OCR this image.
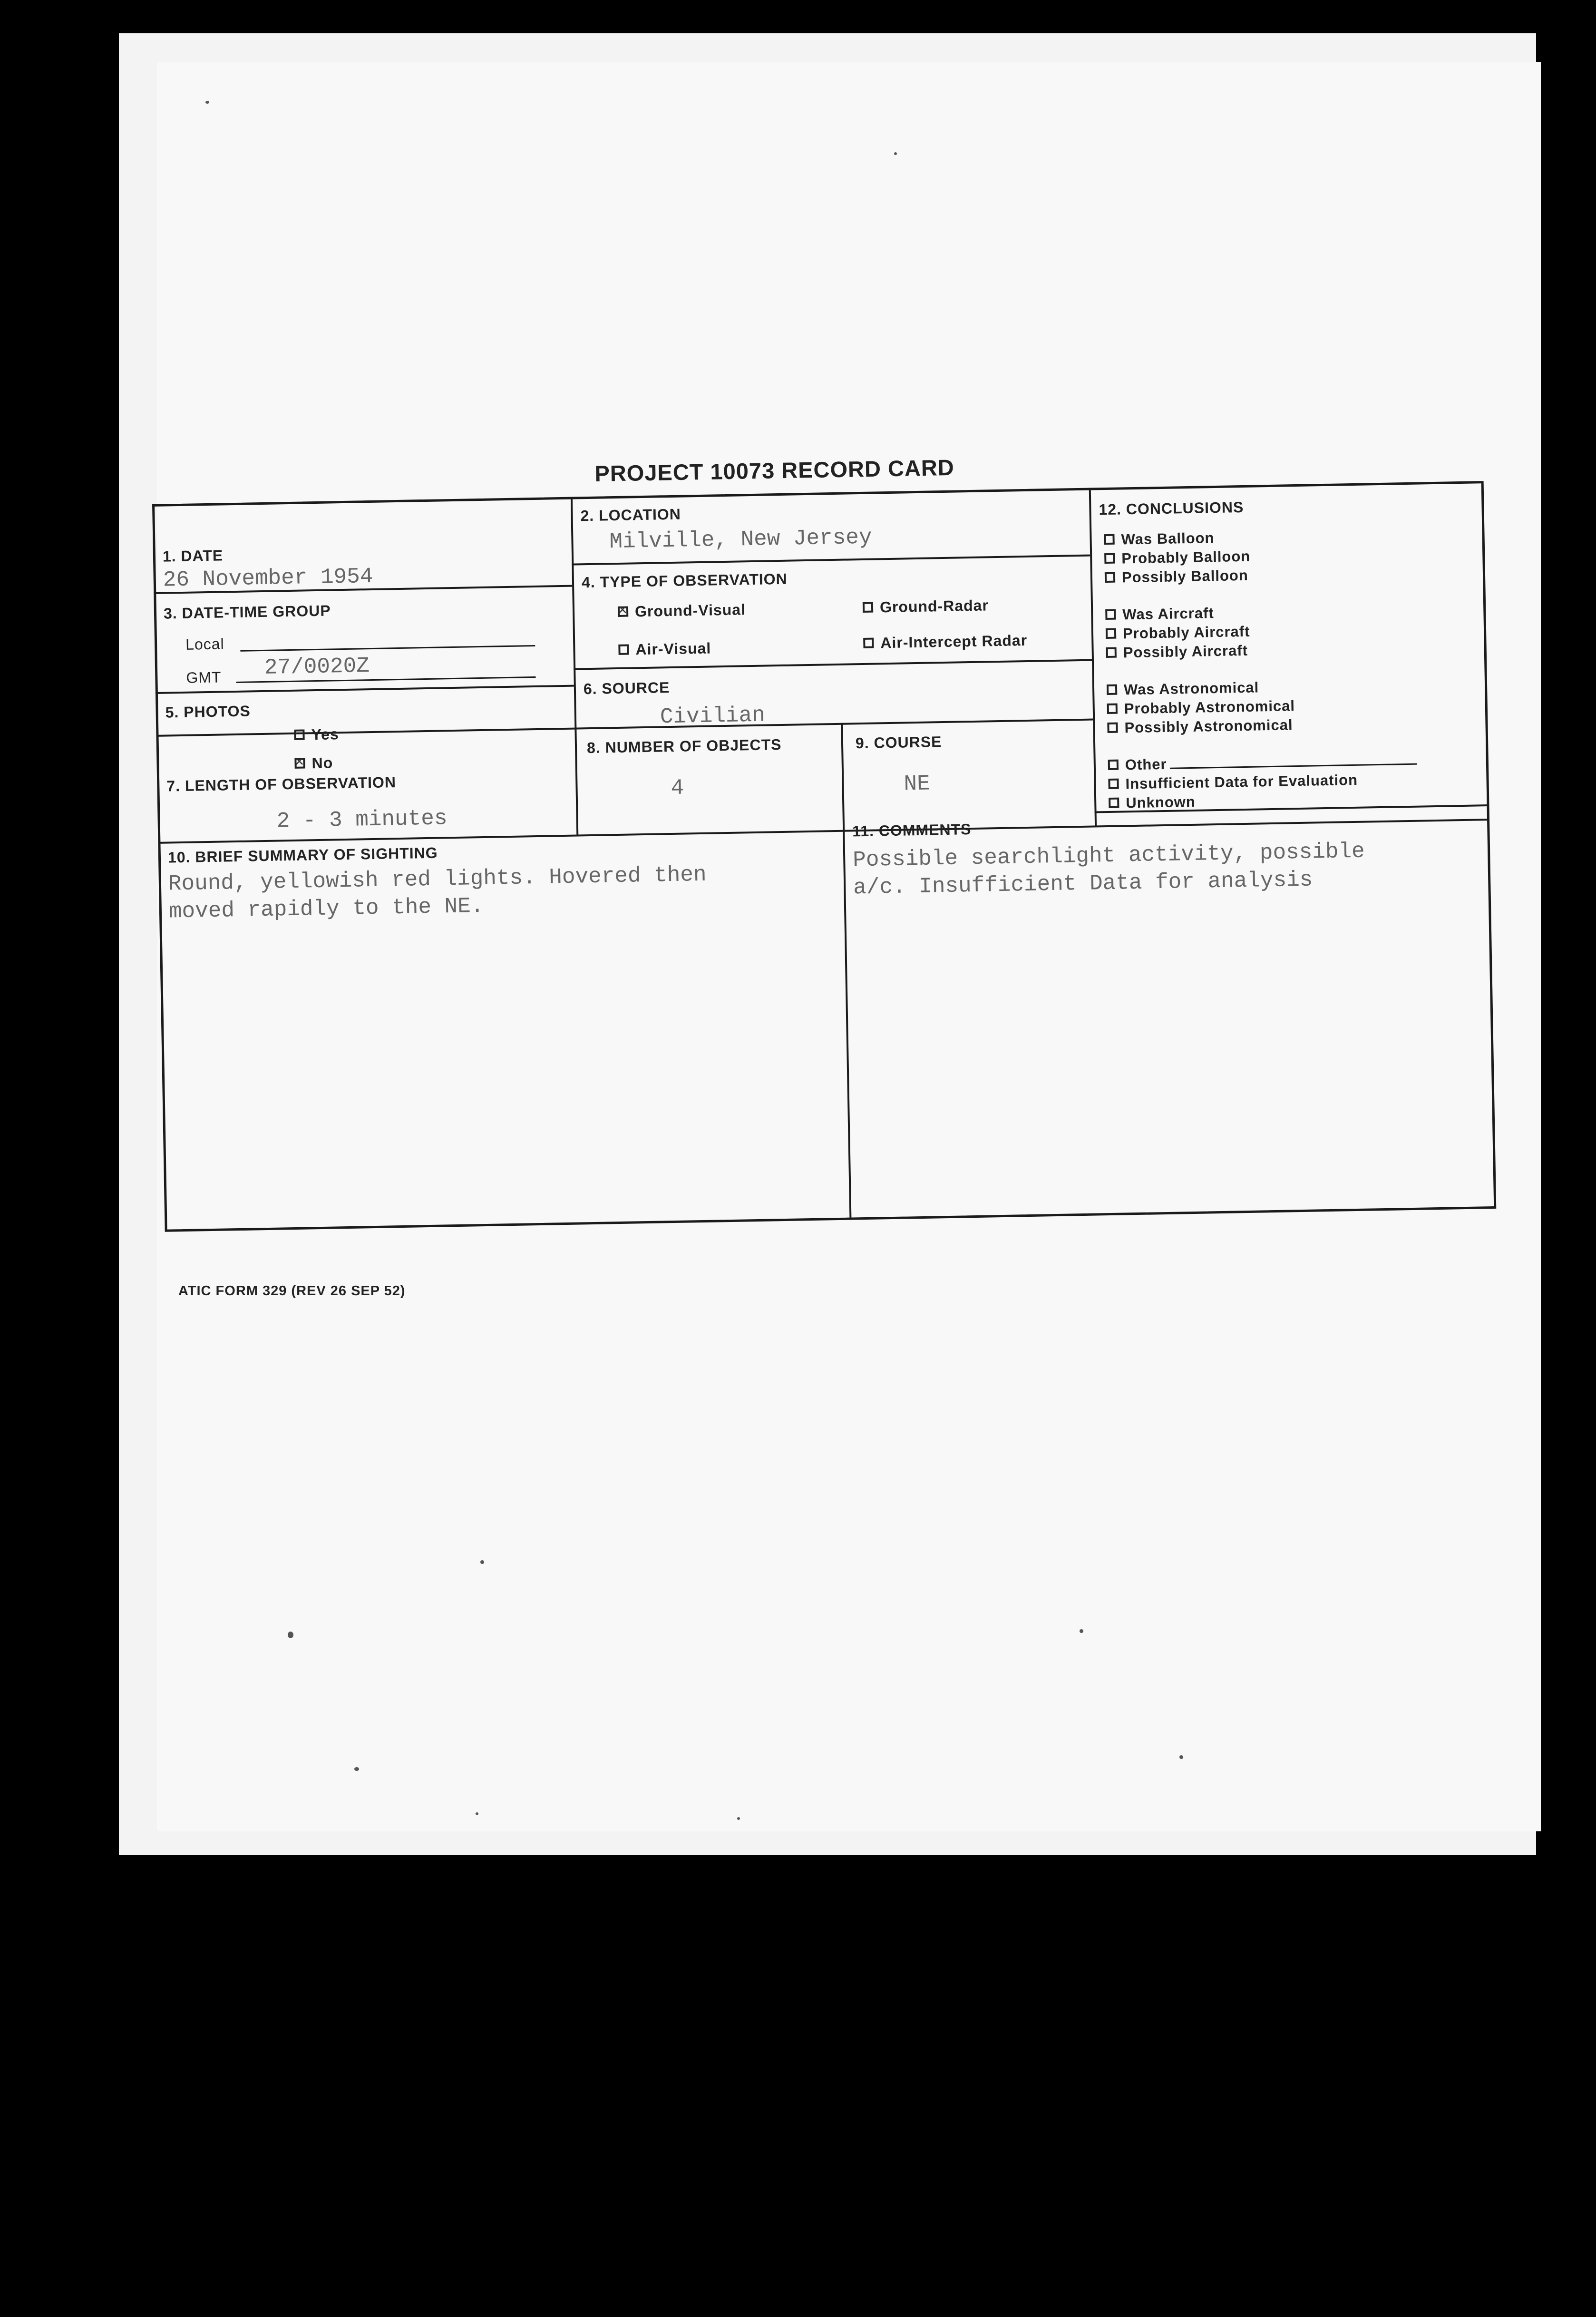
PROJECT 10073 RECORD CARD
1. DATE
26 November 1954
2. LOCATION
Milville, New Jersey
3. DATE-TIME GROUP
Local
GMT 27/0020Z
4. TYPE OF OBSERVATION
× Ground-Visual	Ground-Radar
Air-Visual	Air-Intercept Radar
5. PHOTOS
Yes
× No
6. SOURCE
Civilian
7. LENGTH OF OBSERVATION
2 - 3 minutes
8. NUMBER OF OBJECTS
4
9. COURSE
NE
10. BRIEF SUMMARY OF SIGHTING
Round, yellowish red lights. Hovered then
moved rapidly to the NE.
11. COMMENTS
Possible searchlight activity, possible
a/c. Insufficient Data for analysis
12. CONCLUSIONS
Was Balloon
Probably Balloon
Possibly Balloon
Was Aircraft
Probably Aircraft
Possibly Aircraft
Was Astronomical
Probably Astronomical
Possibly Astronomical
Other
Insufficient Data for Evaluation
Unknown
ATIC FORM 329 (REV 26 SEP 52)
